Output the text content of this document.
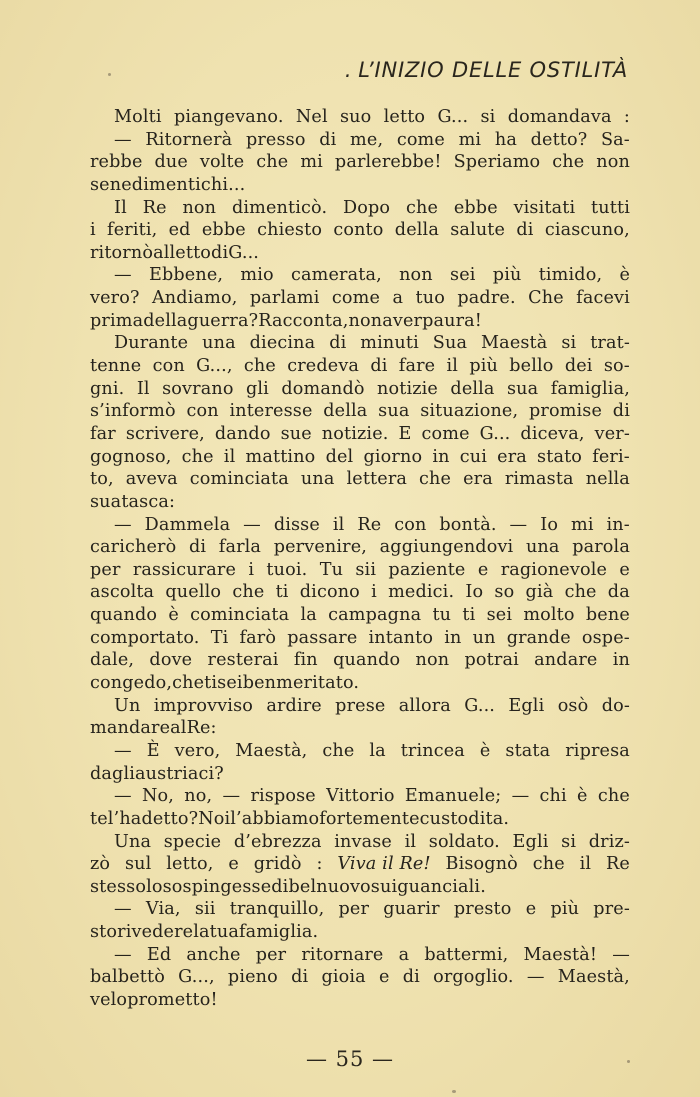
. L’INIZIO DELLE OSTILITÀ
Molti piangevano. Nel suo letto G... si domandava :
— Ritornerà presso di me, come mi ha detto? Sa-
rebbe due volte che mi parlerebbe! Speriamo che non
se ne dimentichi...
Il Re non dimenticò. Dopo che ebbe visitati tutti
i feriti, ed ebbe chiesto conto della salute di ciascuno,
ritornò al letto di G...
— Ebbene, mio camerata, non sei più timido, è
vero? Andiamo, parlami come a tuo padre. Che facevi
prima della guerra? Racconta, non aver paura!
Durante una diecina di minuti Sua Maestà si trat-
tenne con G..., che credeva di fare il più bello dei so-
gni. Il sovrano gli domandò notizie della sua famiglia,
s’informò con interesse della sua situazione, promise di
far scrivere, dando sue notizie. E come G... diceva, ver-
gognoso, che il mattino del giorno in cui era stato feri-
to, aveva cominciata una lettera che era rimasta nella
sua tasca :
— Dammela — disse il Re con bontà. — Io mi in-
caricherò di farla pervenire, aggiungendovi una parola
per rassicurare i tuoi. Tu sii paziente e ragionevole e
ascolta quello che ti dicono i medici. Io so già che da
quando è cominciata la campagna tu ti sei molto bene
comportato. Ti farò passare intanto in un grande ospe-
dale, dove resterai fin quando non potrai andare in
congedo, che ti sei ben meritato.
Un improvviso ardire prese allora G... Egli osò do-
mandare al Re :
— È vero, Maestà, che la trincea è stata ripresa
dagli austriaci?
— No, no, — rispose Vittorio Emanuele; — chi è che
te l’ha detto? Noi l’abbiamo fortemente custodita.
Una specie d’ebrezza invase il soldato. Egli si driz-
zò sul letto, e gridò : Viva il Re! Bisognò che il Re
stesso lo sospingesse di bel nuovo sui guanciali.
— Via, sii tranquillo, per guarir presto e più pre-
sto rivedere la tua famiglia.
— Ed anche per ritornare a battermi, Maestà! —
balbettò G..., pieno di gioia e di orgoglio. — Maestà,
ve lo prometto!
— 55 —
